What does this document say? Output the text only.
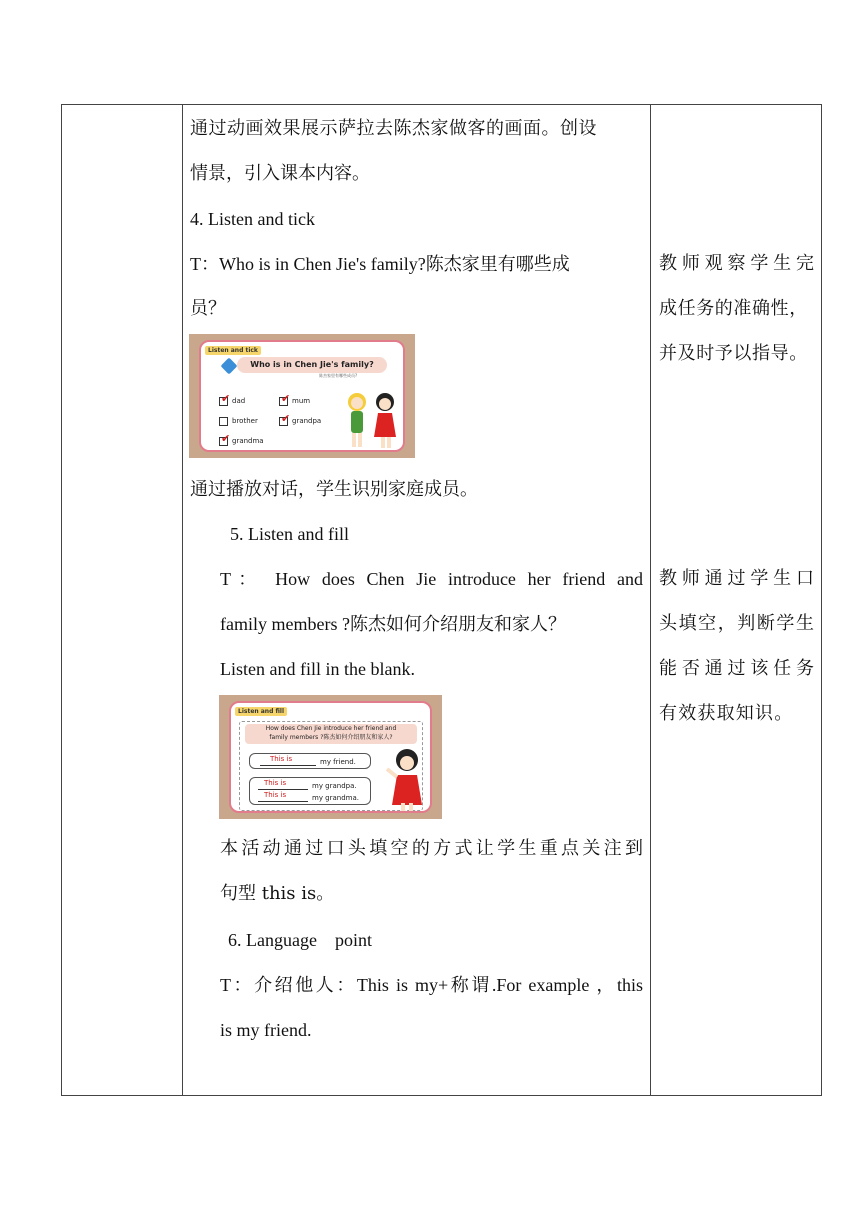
通过动画效果展示萨拉去陈杰家做客的画面。创设
情景，引入课本内容。
4. Listen and tick
T：Who is in Chen Jie's family?陈杰家里有哪些成
员？
Listen and tick
Who is in Chen Jie's family?
陈杰家里有哪些成员?
✔ dad	✔ mum
brother ✔ grandpa
✔ grandma
通过播放对话，学生识别家庭成员。
5. Listen and fill
T： How does Chen Jie introduce her friend and
family members ?陈杰如何介绍朋友和家人？
Listen and fill in the blank.
Listen and fill
How does Chen Jie introduce her friend and
family members ?陈杰如何介绍朋友和家人?
This is	my friend.
This is	my grandpa.
This is	my grandma.
本活动通过口头填空的方式让学生重点关注到
句型 this is。
6. Language    point
T：介绍他人：This is my+称谓.For example ，this
is my friend.
教师观察学生完
成任务的准确性，
并及时予以指导。
教师通过学生口
头填空，判断学生
能否通过该任务
有效获取知识。
